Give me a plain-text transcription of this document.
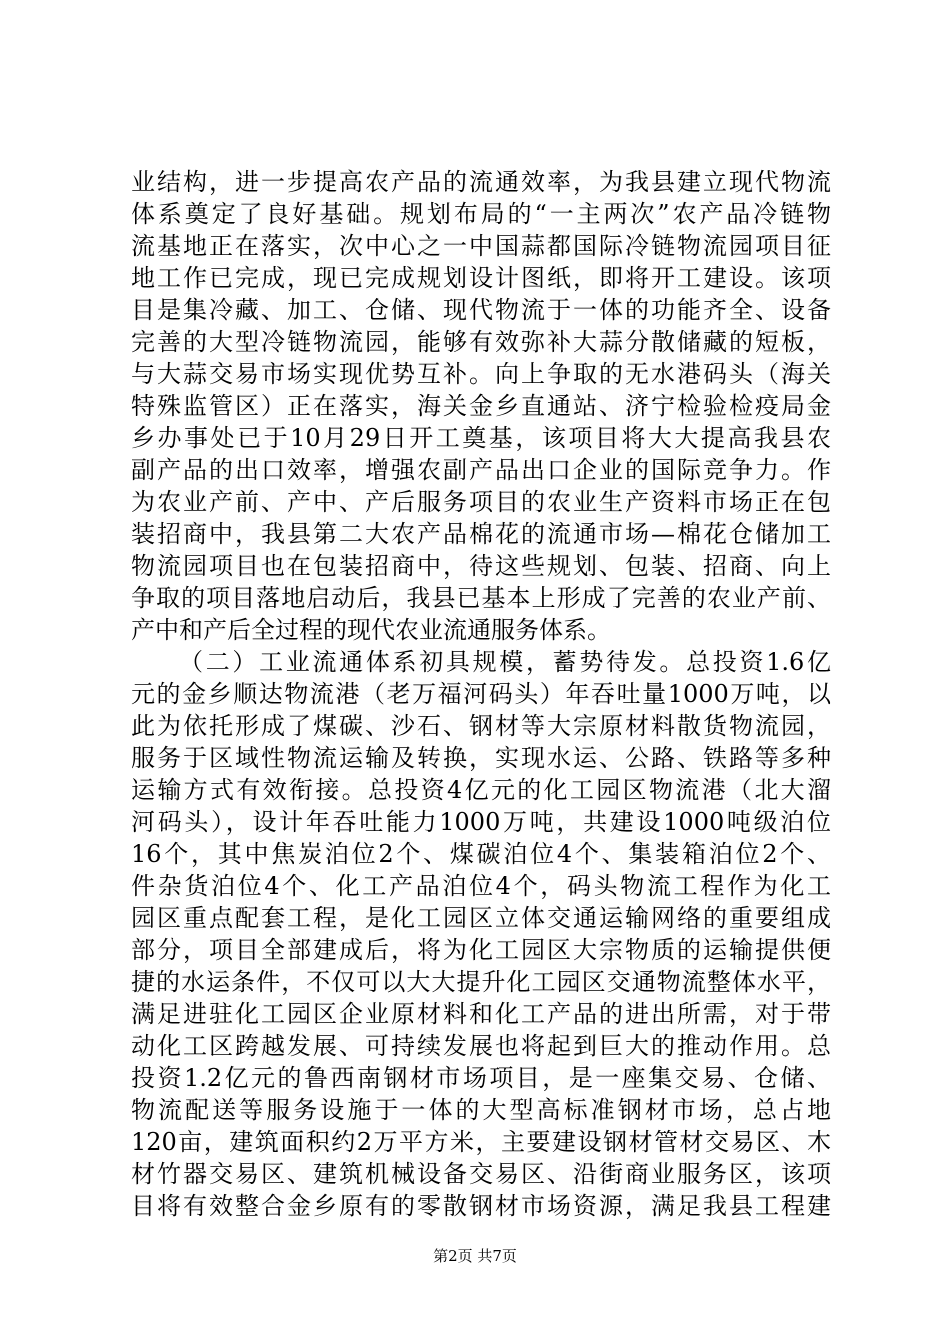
业结构，进一步提高农产品的流通效率，为我县建立现代物流
体系奠定了良好基础。规划布局的“一主两次”农产品冷链物
流基地正在落实，次中心之一中国蒜都国际冷链物流园项目征
地工作已完成，现已完成规划设计图纸，即将开工建设。该项
目是集冷藏、加工、仓储、现代物流于一体的功能齐全、设备
完善的大型冷链物流园，能够有效弥补大蒜分散储藏的短板，
与大蒜交易市场实现优势互补。向上争取的无水港码头（海关
特殊监管区）正在落实，海关金乡直通站、济宁检验检疫局金
乡办事处已于10月29日开工奠基，该项目将大大提高我县农
副产品的出口效率，增强农副产品出口企业的国际竞争力。作
为农业产前、产中、产后服务项目的农业生产资料市场正在包
装招商中，我县第二大农产品棉花的流通市场—棉花仓储加工
物流园项目也在包装招商中，待这些规划、包装、招商、向上
争取的项目落地启动后，我县已基本上形成了完善的农业产前、
产中和产后全过程的现代农业流通服务体系。
（二）工业流通体系初具规模，蓄势待发。总投资1.6亿
元的金乡顺达物流港（老万福河码头）年吞吐量1000万吨，以
此为依托形成了煤碳、沙石、钢材等大宗原材料散货物流园，
服务于区域性物流运输及转换，实现水运、公路、铁路等多种
运输方式有效衔接。总投资4亿元的化工园区物流港（北大溜
河码头），设计年吞吐能力1000万吨，共建设1000吨级泊位
16个，其中焦炭泊位2个、煤碳泊位4个、集装箱泊位2个、
件杂货泊位4个、化工产品泊位4个，码头物流工程作为化工
园区重点配套工程，是化工园区立体交通运输网络的重要组成
部分，项目全部建成后，将为化工园区大宗物质的运输提供便
捷的水运条件，不仅可以大大提升化工园区交通物流整体水平，
满足进驻化工园区企业原材料和化工产品的进出所需，对于带
动化工区跨越发展、可持续发展也将起到巨大的推动作用。总
投资1.2亿元的鲁西南钢材市场项目，是一座集交易、仓储、
物流配送等服务设施于一体的大型高标准钢材市场，总占地
120亩，建筑面积约2万平方米，主要建设钢材管材交易区、木
材竹器交易区、建筑机械设备交易区、沿街商业服务区，该项
目将有效整合金乡原有的零散钢材市场资源，满足我县工程建
第2页 共7页
